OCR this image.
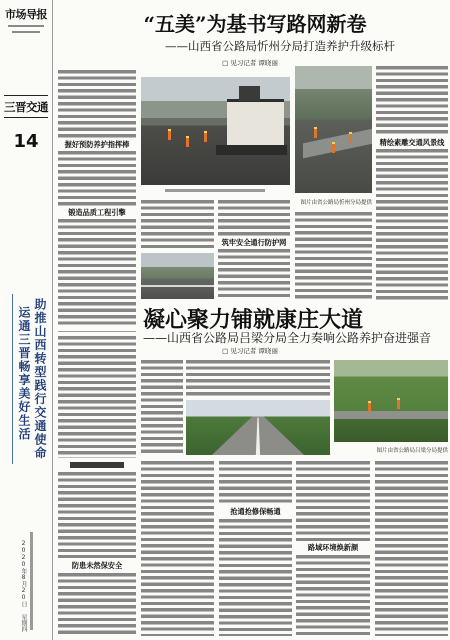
市场导报
三晋交通
14
助推山西转型践行交通使命
运通三晋畅享美好生活
2020年8月20日 星期四
“五美”为基书写路网新卷
——山西省公路局忻州分局打造养护升级标杆
□ 见习记者 谭晓丽
握好预防养护指挥棒
锻造品质工程引擎
图片由省公路局忻州分局提供
筑牢安全通行防护网
精绘素雕交通风景线
凝心聚力铺就康庄大道
——山西省公路局吕梁分局全力奏响公路养护奋进强音
□ 见习记者 谭晓丽
防患未然保安全
图片由省公路局吕梁分局提供
抢通抢修保畅通
路域环境焕新颜
